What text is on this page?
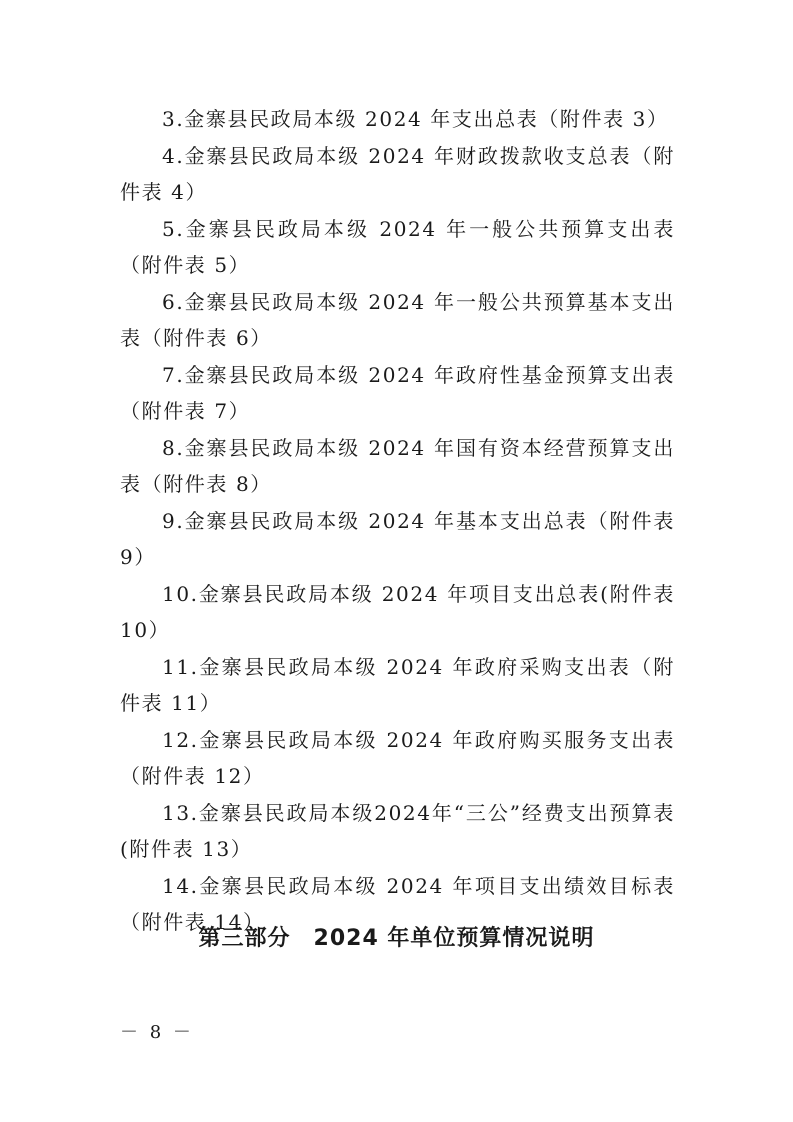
3.金寨县民政局本级 2024 年支出总表（附件表 3）

4.金寨县民政局本级 2024 年财政拨款收支总表（附件表 4）

5.金寨县民政局本级 2024 年一般公共预算支出表（附件表 5）

6.金寨县民政局本级 2024 年一般公共预算基本支出表（附件表 6）

7.金寨县民政局本级 2024 年政府性基金预算支出表（附件表 7）

8.金寨县民政局本级 2024 年国有资本经营预算支出表（附件表 8）

9.金寨县民政局本级 2024 年基本支出总表（附件表 9）

10.金寨县民政局本级 2024 年项目支出总表(附件表 10）

11.金寨县民政局本级 2024 年政府采购支出表（附件表 11）

12.金寨县民政局本级 2024 年政府购买服务支出表（附件表 12）

13.金寨县民政局本级2024年“三公”经费支出预算表(附件表 13）

14.金寨县民政局本级 2024 年项目支出绩效目标表（附件表 14）

第三部分　2024 年单位预算情况说明
－ 8 －
